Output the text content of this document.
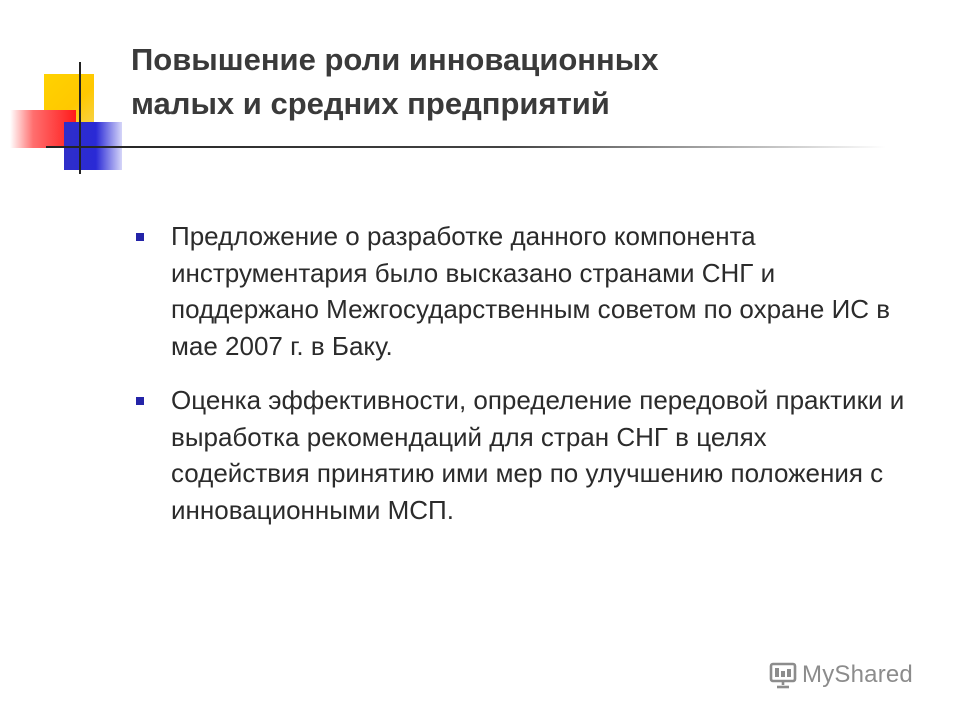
Повышение роли инновационных
малых и средних предприятий
Предложение о разработке данного компонента инструментария было высказано странами СНГ и поддержано Межгосударственным советом по охране ИС в мае 2007 г. в Баку.
Оценка эффективности, определение передовой практики и выработка рекомендаций для стран СНГ в целях содействия принятию ими мер по улучшению положения с инновационными МСП.
MyShared
